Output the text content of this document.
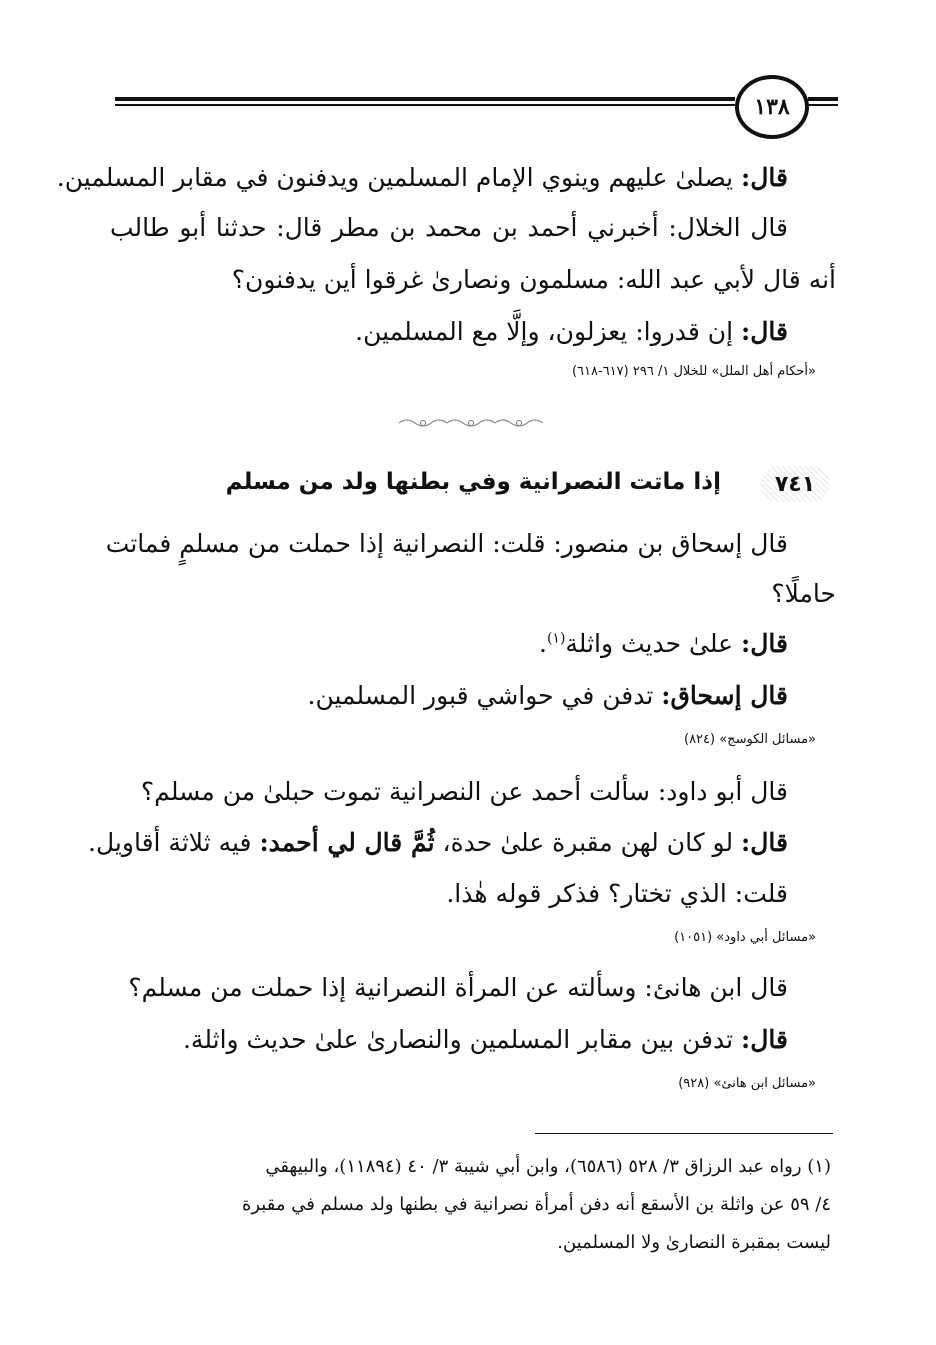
١٣٨
قال: يصلىٰ عليهم وينوي الإمام المسلمين ويدفنون في مقابر المسلمين.
قال الخلال: أخبرني أحمد بن محمد بن مطر قال: حدثنا أبو طالب
أنه قال لأبي عبد الله: مسلمون ونصارىٰ غرقوا أين يدفنون؟
قال: إن قدروا: يعزلون، وإلَّا مع المسلمين.
«أحكام أهل الملل» للخلال ١/ ٢٩٦ (٦١٧-٦١٨)
٧٤١
إذا ماتت النصرانية وفي بطنها ولد من مسلم
قال إسحاق بن منصور: قلت: النصرانية إذا حملت من مسلمٍ فماتت
حاملًا؟
قال: علىٰ حديث واثلة$^{(١)}$.
قال إسحاق: تدفن في حواشي قبور المسلمين.
«مسائل الكوسج» (٨٢٤)
قال أبو داود: سألت أحمد عن النصرانية تموت حبلىٰ من مسلم؟
قال: لو كان لهن مقبرة علىٰ حدة، ثُمَّ قال لي أحمد: فيه ثلاثة أقاويل.
قلت: الذي تختار؟ فذكر قوله هٰذا.
«مسائل أبي داود» (١٠٥١)
قال ابن هانئ: وسألته عن المرأة النصرانية إذا حملت من مسلم؟
قال: تدفن بين مقابر المسلمين والنصارىٰ علىٰ حديث واثلة.
«مسائل ابن هانئ» (٩٢٨)
(١) رواه عبد الرزاق ٣/ ٥٢٨ (٦٥٨٦)، وابن أبي شيبة ٣/ ٤٠ (١١٨٩٤)، والبيهقي
٤/ ٥٩ عن واثلة بن الأسقع أنه دفن أمرأة نصرانية في بطنها ولد مسلم في مقبرة
ليست بمقبرة النصارىٰ ولا المسلمين.
